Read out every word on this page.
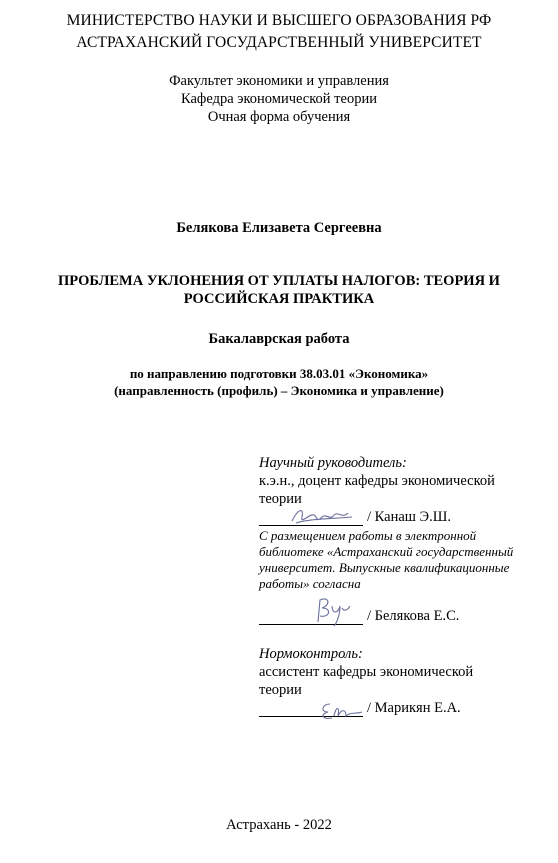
МИНИСТЕРСТВО НАУКИ И ВЫСШЕГО ОБРАЗОВАНИЯ РФ
АСТРАХАНСКИЙ ГОСУДАРСТВЕННЫЙ УНИВЕРСИТЕТ
Факультет экономики и управления
Кафедра экономической теории
Очная форма обучения
Белякова Елизавета Сергеевна
ПРОБЛЕМА УКЛОНЕНИЯ ОТ УПЛАТЫ НАЛОГОВ: ТЕОРИЯ И
РОССИЙСКАЯ ПРАКТИКА
Бакалаврская работа
по направлению подготовки 38.03.01 «Экономика»
(направленность (профиль) – Экономика и управление)
Научный руководитель:
к.э.н., доцент кафедры экономической
теории
/ Канаш Э.Ш.
С размещением работы в электронной
библиотеке «Астраханский государственный
университет. Выпускные квалификационные
работы» согласна
/ Белякова Е.С.
Нормоконтроль:
ассистент кафедры экономической
теории
/ Марикян Е.А.
Астрахань - 2022
